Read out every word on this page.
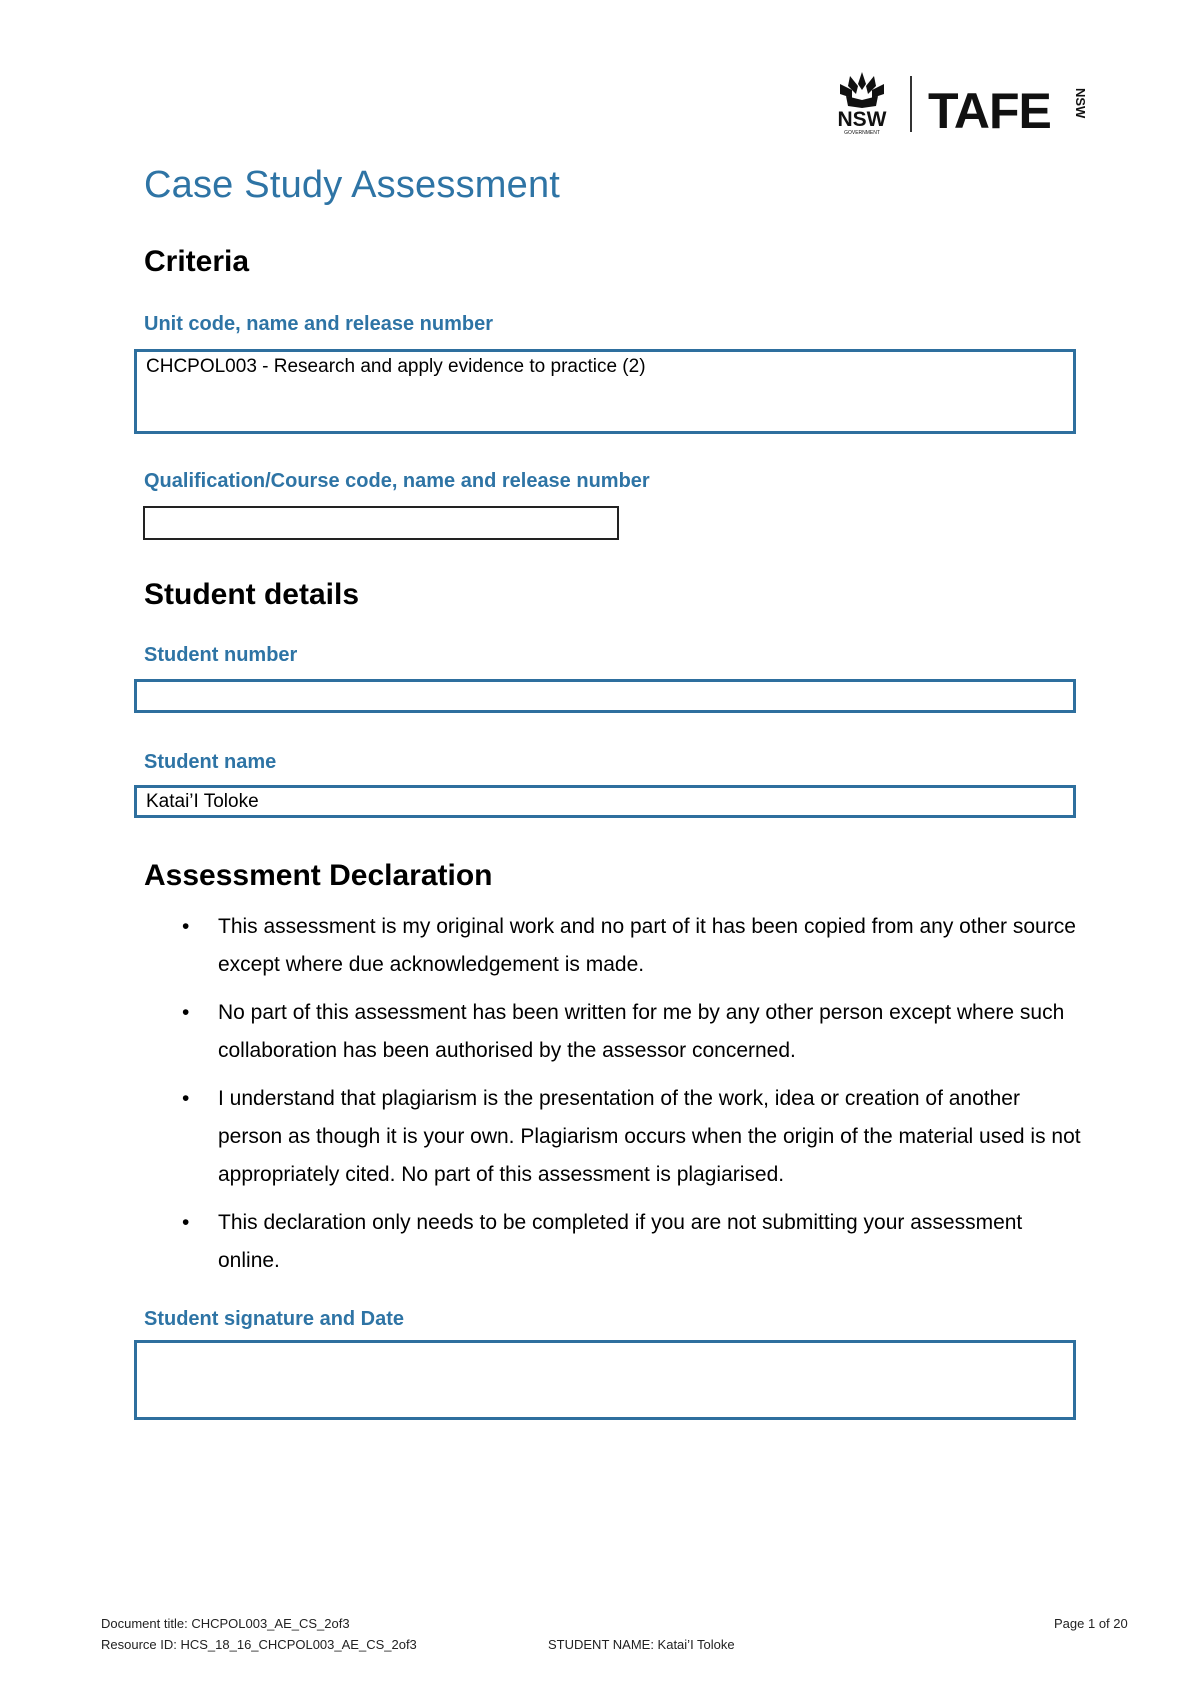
NSW
GOVERNMENT TAFE NSW
Case Study Assessment
Criteria
Unit code, name and release number
CHCPOL003 - Research and apply evidence to practice (2)
Qualification/Course code, name and release number
Student details
Student number
Student name
Katai’I Toloke
Assessment Declaration
• This assessment is my original work and no part of it has been copied from any other source except where due acknowledgement is made.
• No part of this assessment has been written for me by any other person except where such collaboration has been authorised by the assessor concerned.
• I understand that plagiarism is the presentation of the work, idea or creation of another person as though it is your own. Plagiarism occurs when the origin of the material used is not appropriately cited. No part of this assessment is plagiarised.
• This declaration only needs to be completed if you are not submitting your assessment online.
Student signature and Date
Document title: CHCPOL003_AE_CS_2of3
Resource ID: HCS_18_16_CHCPOL003_AE_CS_2of3	STUDENT NAME: Katai’I Toloke
Page 1 of 20
